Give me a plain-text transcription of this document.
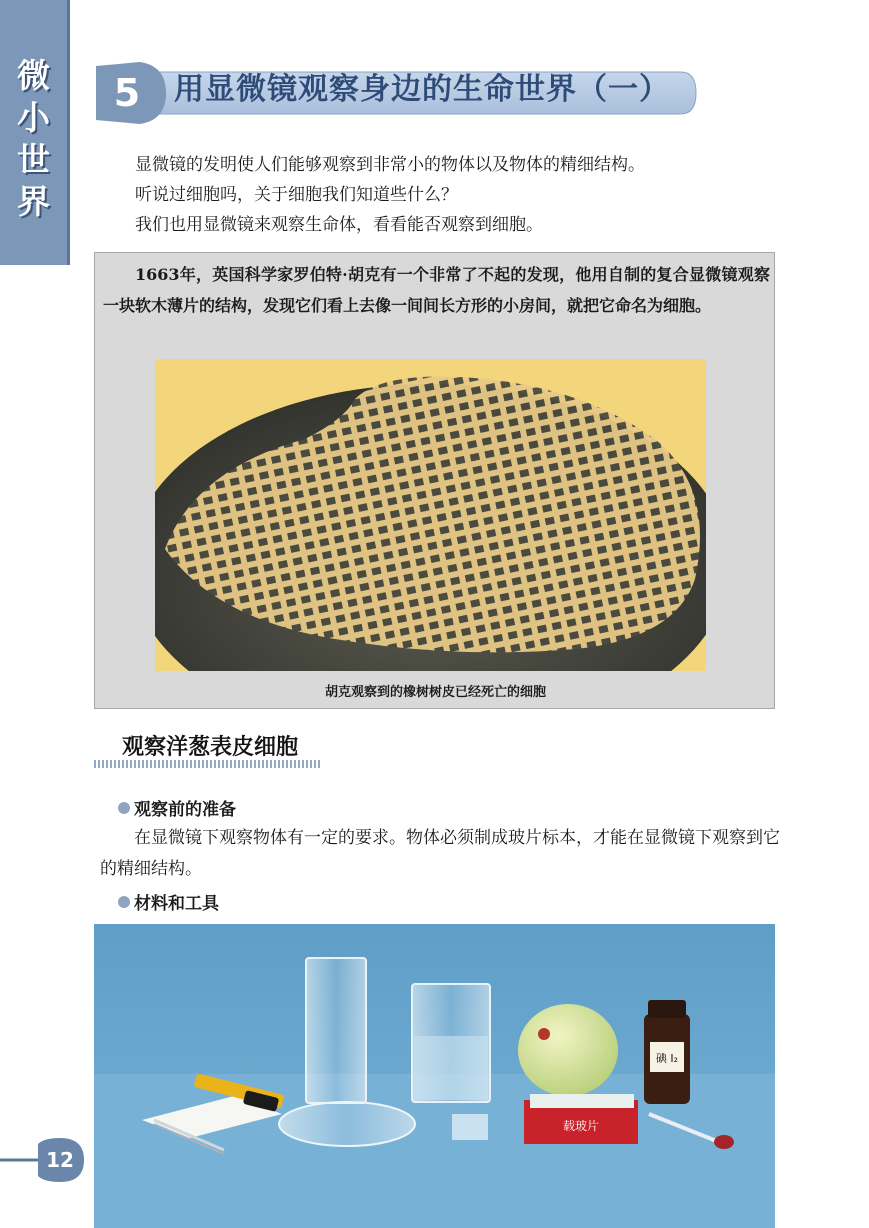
微
小
世
界
5	用显微镜观察身边的生命世界（一）

显微镜的发明使人们能够观察到非常小的物体以及物体的精细结构。

听说过细胞吗，关于细胞我们知道些什么？

我们也用显微镜来观察生命体，看看能否观察到细胞。

1663年，英国科学家罗伯特·胡克有一个非常了不起的发现，他用自制的复合显微镜观察一块软木薄片的结构，发现它们看上去像一间间长方形的小房间，就把它命名为细胞。

胡克观察到的橡树树皮已经死亡的细胞

观察洋葱表皮细胞
观察前的准备

在显微镜下观察物体有一定的要求。物体必须制成玻片标本，才能在显微镜下观察到它的精细结构。

材料和工具
碘 I₂
载玻片
12
